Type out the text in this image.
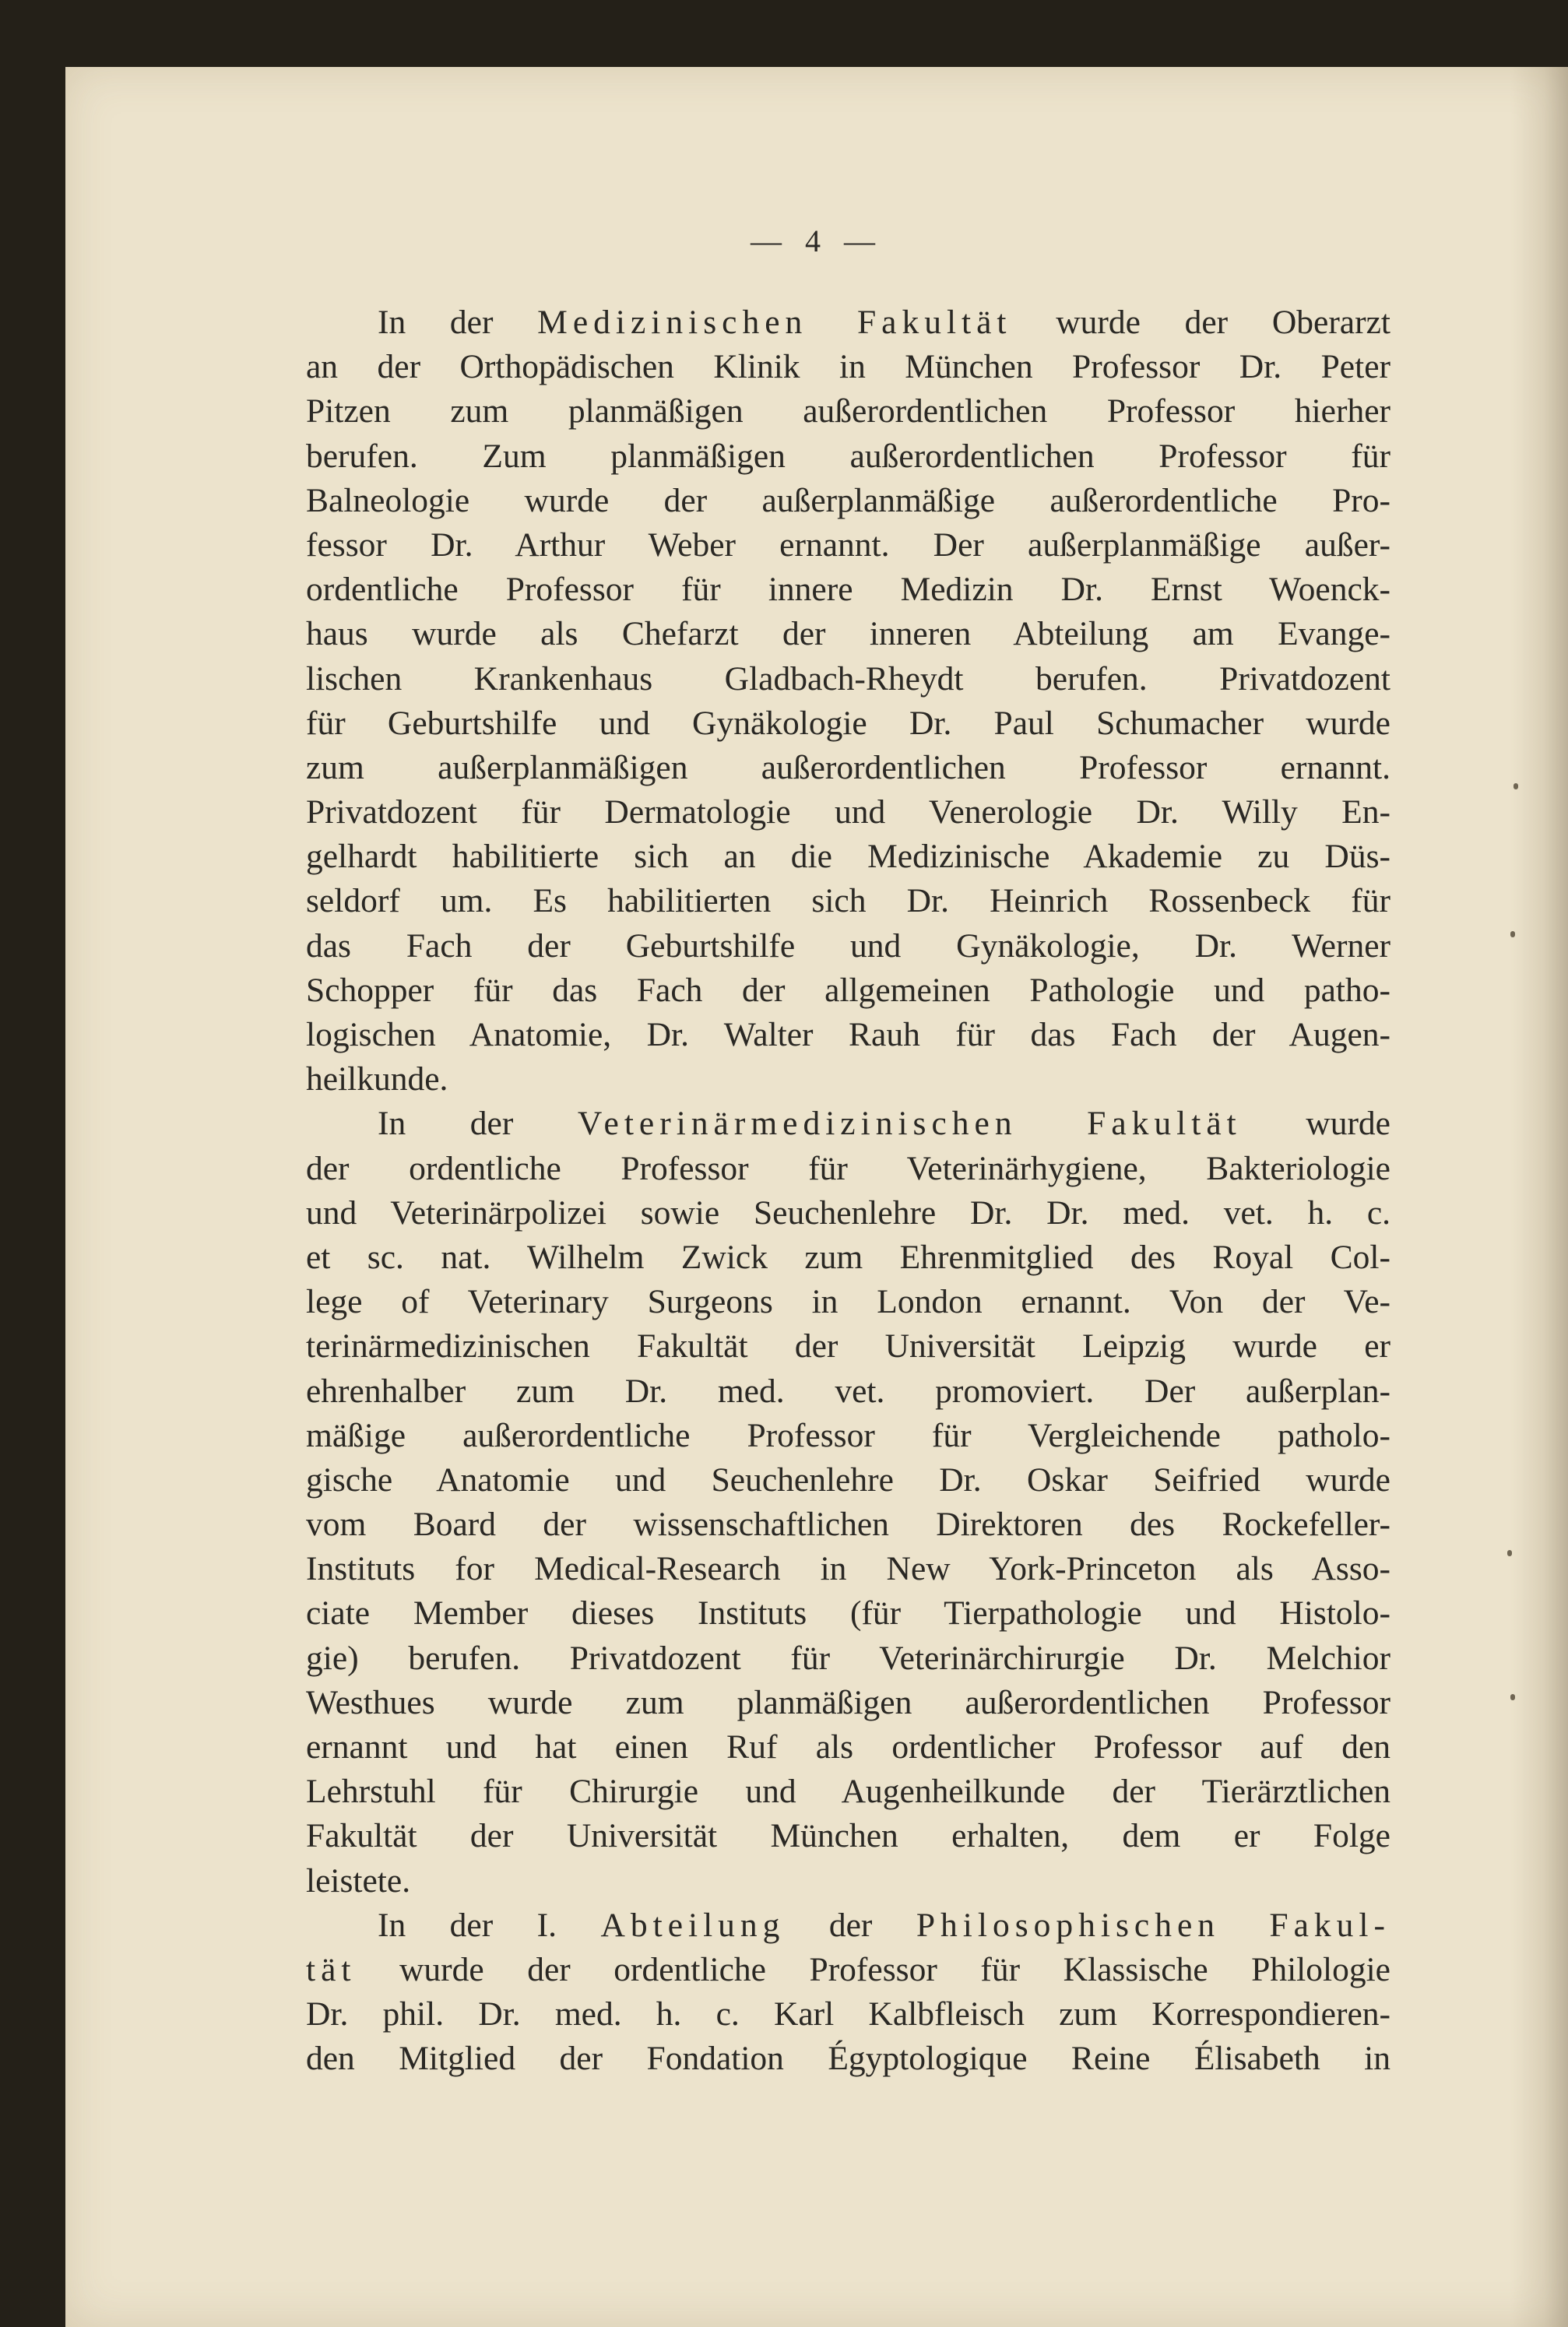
— 4 —
In der Medizinischen Fakultät wurde der Oberarzt
an der Orthopädischen Klinik in München Professor Dr. Peter
Pitzen zum planmäßigen außerordentlichen Professor hierher
berufen. Zum planmäßigen außerordentlichen Professor für
Balneologie wurde der außerplanmäßige außerordentliche Pro-
fessor Dr. Arthur Weber ernannt. Der außerplanmäßige außer-
ordentliche Professor für innere Medizin Dr. Ernst Woenck-
haus wurde als Chefarzt der inneren Abteilung am Evange-
lischen Krankenhaus Gladbach-Rheydt berufen. Privatdozent
für Geburtshilfe und Gynäkologie Dr. Paul Schumacher wurde
zum außerplanmäßigen außerordentlichen Professor ernannt.
Privatdozent für Dermatologie und Venerologie Dr. Willy En-
gelhardt habilitierte sich an die Medizinische Akademie zu Düs-
seldorf um. Es habilitierten sich Dr. Heinrich Rossenbeck für
das Fach der Geburtshilfe und Gynäkologie, Dr. Werner
Schopper für das Fach der allgemeinen Pathologie und patho-
logischen Anatomie, Dr. Walter Rauh für das Fach der Augen-
heilkunde.
In der Veterinärmedizinischen Fakultät wurde
der ordentliche Professor für Veterinärhygiene, Bakteriologie
und Veterinärpolizei sowie Seuchenlehre Dr. Dr. med. vet. h. c.
et sc. nat. Wilhelm Zwick zum Ehrenmitglied des Royal Col-
lege of Veterinary Surgeons in London ernannt. Von der Ve-
terinärmedizinischen Fakultät der Universität Leipzig wurde er
ehrenhalber zum Dr. med. vet. promoviert. Der außerplan-
mäßige außerordentliche Professor für Vergleichende patholo-
gische Anatomie und Seuchenlehre Dr. Oskar Seifried wurde
vom Board der wissenschaftlichen Direktoren des Rockefeller-
Instituts for Medical-Research in New York-Princeton als Asso-
ciate Member dieses Instituts (für Tierpathologie und Histolo-
gie) berufen. Privatdozent für Veterinärchirurgie Dr. Melchior
Westhues wurde zum planmäßigen außerordentlichen Professor
ernannt und hat einen Ruf als ordentlicher Professor auf den
Lehrstuhl für Chirurgie und Augenheilkunde der Tierärztlichen
Fakultät der Universität München erhalten, dem er Folge
leistete.
In der I. Abteilung der Philosophischen Fakul-
tät wurde der ordentliche Professor für Klassische Philologie
Dr. phil. Dr. med. h. c. Karl Kalbfleisch zum Korrespondieren-
den Mitglied der Fondation Égyptologique Reine Élisabeth in
